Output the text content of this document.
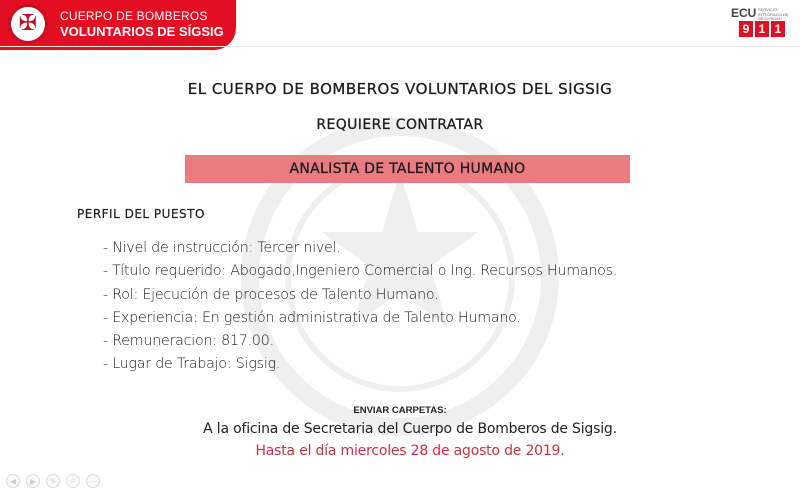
✠ CUERPO DE BOMBEROS
VOLUNTARIOS DE SÍGSIG
ECU SERVICIO INTEGRADO DE SEGURIDAD
9 1 1
EL CUERPO DE BOMBEROS VOLUNTARIOS DEL SIGSIG
REQUIERE CONTRATAR
ANALISTA DE TALENTO HUMANO
PERFIL DEL PUESTO
- Nivel de instrucción: Tercer nivel.
- Título requerido: Abogado,Ingeniero Comercial o Ing. Recursos Humanos.
- Rol: Ejecución de procesos de Talento Humano.
- Experiencia: En gestión administrativa de Talento Humano.
- Remuneracion: 817.00.
- Lugar de Trabajo: Sigsig.
ENVIAR CARPETAS:
A la oficina de Secretaria del Cuerpo de Bomberos de Sigsig.
Hasta el día miercoles 28 de agosto de 2019.
◀	▶	✎	⌕	⋯
